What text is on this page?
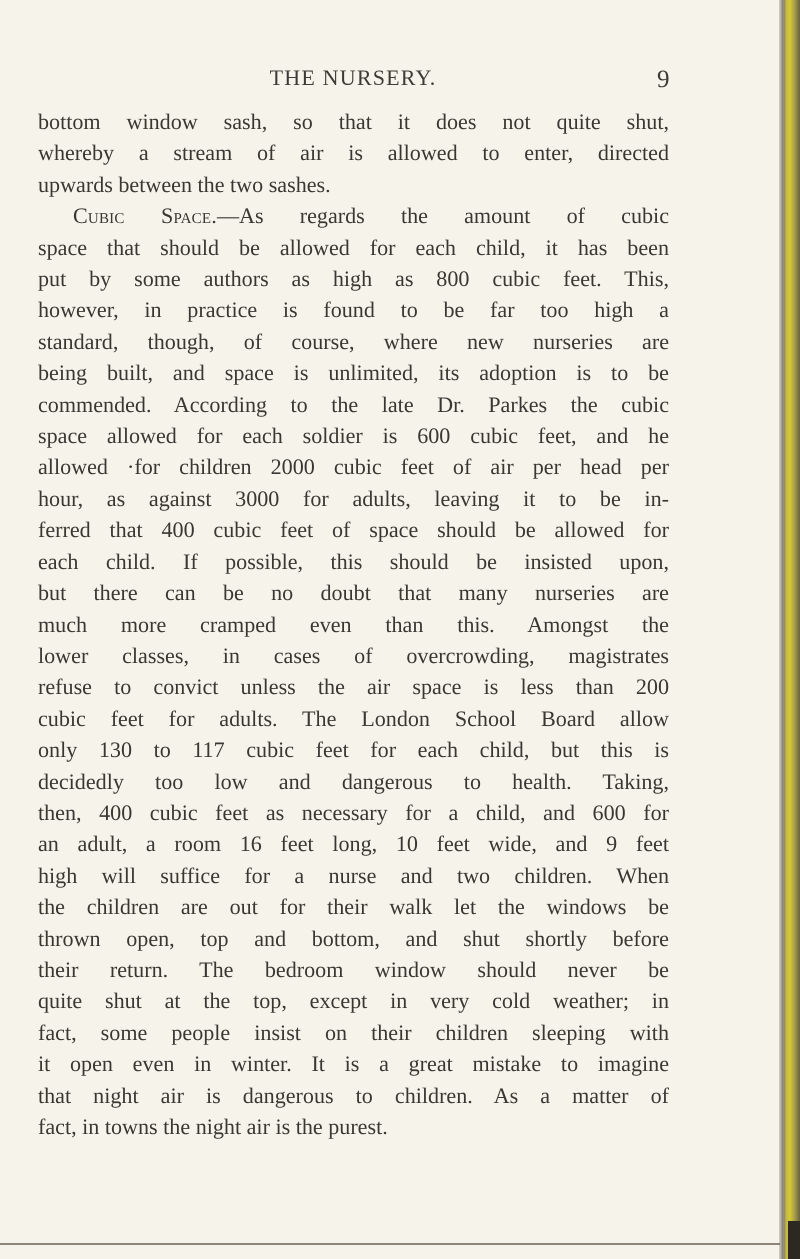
THE NURSERY.	9
bottom window sash, so that it does not quite shut,
whereby a stream of air is allowed to enter, directed
upwards between the two sashes.
Cubic Space.—As regards the amount of cubic
space that should be allowed for each child, it has been
put by some authors as high as 800 cubic feet. This,
however, in practice is found to be far too high a
standard, though, of course, where new nurseries are
being built, and space is unlimited, its adoption is to be
commended. According to the late Dr. Parkes the cubic
space allowed for each soldier is 600 cubic feet, and he
allowed ·for children 2000 cubic feet of air per head per
hour, as against 3000 for adults, leaving it to be in-
ferred that 400 cubic feet of space should be allowed for
each child. If possible, this should be insisted upon,
but there can be no doubt that many nurseries are
much more cramped even than this. Amongst the
lower classes, in cases of overcrowding, magistrates
refuse to convict unless the air space is less than 200
cubic feet for adults. The London School Board allow
only 130 to 117 cubic feet for each child, but this is
decidedly too low and dangerous to health. Taking,
then, 400 cubic feet as necessary for a child, and 600 for
an adult, a room 16 feet long, 10 feet wide, and 9 feet
high will suffice for a nurse and two children. When
the children are out for their walk let the windows be
thrown open, top and bottom, and shut shortly before
their return. The bedroom window should never be
quite shut at the top, except in very cold weather; in
fact, some people insist on their children sleeping with
it open even in winter. It is a great mistake to imagine
that night air is dangerous to children. As a matter of
fact, in towns the night air is the purest.
